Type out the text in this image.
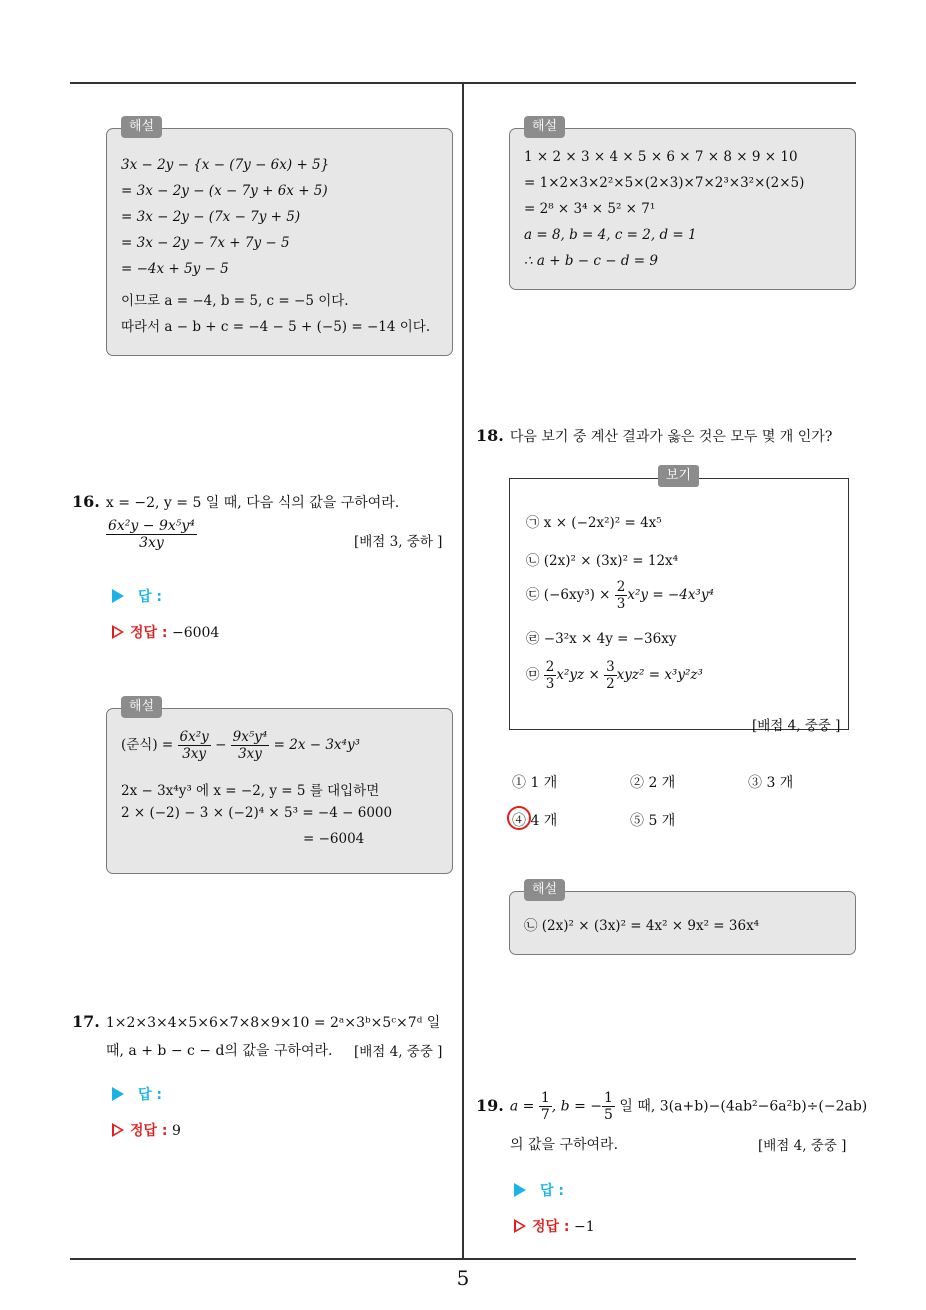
해설
3x − 2y − {x − (7y − 6x) + 5}
= 3x − 2y − (x − 7y + 6x + 5)
= 3x − 2y − (7x − 7y + 5)
= 3x − 2y − 7x + 7y − 5
= −4x + 5y − 5
이므로 a = −4, b = 5, c = −5 이다.
따라서 a − b + c = −4 − 5 + (−5) = −14 이다.
16. x = −2, y = 5 일 때, 다음 식의 값을 구하여라.
$\frac{\text{6x²y − 9x⁵y⁴}}{3xy}$	[배점 3, 중하 ]
답 :
정답 : −6004
해설
(준식) = $\frac{\text{6x²y}}{3xy} - \frac{\text{9x⁵y⁴}}{3xy} = 2x - 3x^4y^3$
2x − 3x⁴y³ 에 x = −2, y = 5 를 대입하면
2 × (−2) − 3 × (−2)⁴ × 5³ = −4 − 6000
= −6004
17. 1×2×3×4×5×6×7×8×9×10 = 2ᵃ×3ᵇ×5ᶜ×7ᵈ 일
때, a + b − c − d의 값을 구하여라. [배점 4, 중중 ]
답 :
정답 : 9
해설
1 × 2 × 3 × 4 × 5 × 6 × 7 × 8 × 9 × 10
= 1×2×3×2²×5×(2×3)×7×2³×3²×(2×5)
= 2⁸ × 3⁴ × 5² × 7¹
a = 8, b = 4, c = 2, d = 1
∴ a + b − c − d = 9
18. 다음 보기 중 계산 결과가 옳은 것은 모두 몇 개 인가?
보기
㉠ x × (−2x²)² = 4x⁵
㉡ (2x)² × (3x)² = 12x⁴
㉢ $(-6xy^3) \times \frac{2}{3} x^2y = -4x^3y^4$
㉣ −3²x × 4y = −36xy
㉤ $\frac{2}{3} x^2yz \times \frac{3}{2} xyz^2 = x^3y^2z^3$
[배점 4, 중중 ]
① 1 개	② 2 개	③ 3 개
④ 4 개	⑤ 5 개
해설
㉡ (2x)² × (3x)² = 4x² × 9x² = 36x⁴
19. $a = \frac{1}{7}$ , b = − $\frac{1}{5}$ 일 때, 3(a+b)−(4ab²−6a²b)÷(−2ab)
의 값을 구하여라.	[배점 4, 중중 ]
답 :
정답 : −1
5
